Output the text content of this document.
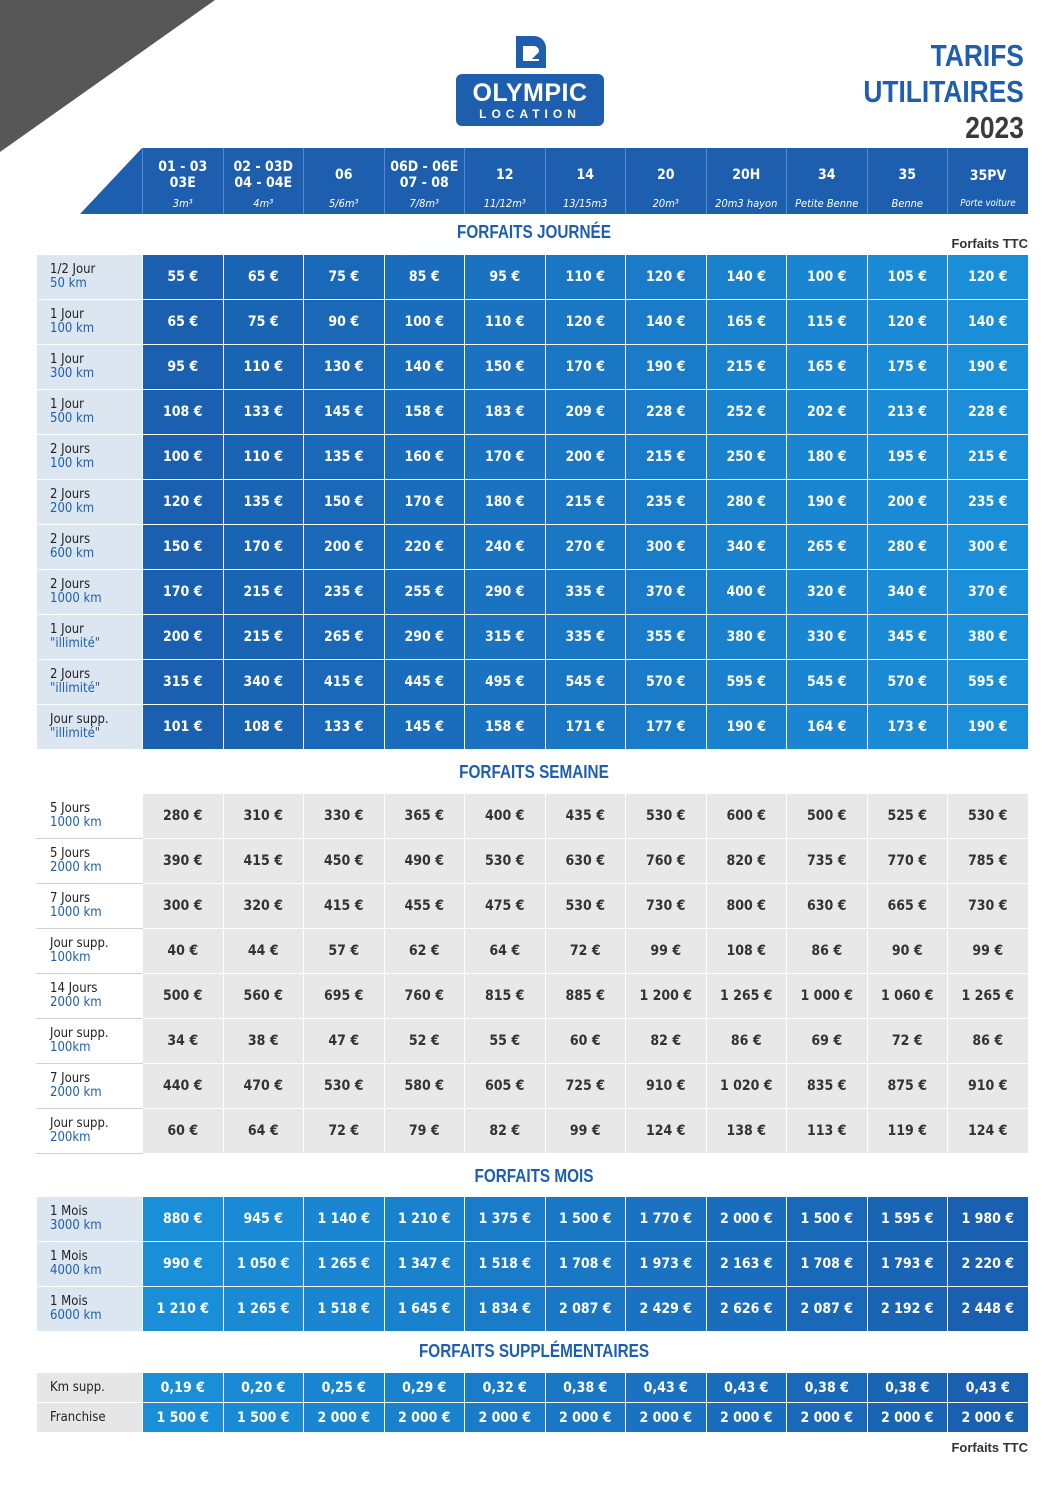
OLYMPIC
LOCATION
TARIFS
UTILITAIRES
2023

01 - 03 03E
3m³

02 - 03D 04 - 04E
4m³

06
5/6m³

06D - 06E 07 - 08
7/8m³

12
11/12m³

14
13/15m3

20
20m³

20H
20m3 hayon

34
Petite Benne

35
Benne

35PV
Porte voiture
FORFAITS JOURNÉE
Forfaits TTC
1/2 Jour
50 km	55 €	65 €	75 €	85 €	95 €	110 €	120 €	140 €	100 €	105 €	120 €

1 Jour
100 km	65 €	75 €	90 €	100 €	110 €	120 €	140 €	165 €	115 €	120 €	140 €

1 Jour
300 km	95 €	110 €	130 €	140 €	150 €	170 €	190 €	215 €	165 €	175 €	190 €

1 Jour
500 km	108 €	133 €	145 €	158 €	183 €	209 €	228 €	252 €	202 €	213 €	228 €

2 Jours
100 km	100 €	110 €	135 €	160 €	170 €	200 €	215 €	250 €	180 €	195 €	215 €

2 Jours
200 km	120 €	135 €	150 €	170 €	180 €	215 €	235 €	280 €	190 €	200 €	235 €

2 Jours
600 km	150 €	170 €	200 €	220 €	240 €	270 €	300 €	340 €	265 €	280 €	300 €

2 Jours
1000 km	170 €	215 €	235 €	255 €	290 €	335 €	370 €	400 €	320 €	340 €	370 €

1 Jour
"illimité"	200 €	215 €	265 €	290 €	315 €	335 €	355 €	380 €	330 €	345 €	380 €

2 Jours
"illimité"	315 €	340 €	415 €	445 €	495 €	545 €	570 €	595 €	545 €	570 €	595 €

Jour supp.
"illimité"	101 €	108 €	133 €	145 €	158 €	171 €	177 €	190 €	164 €	173 €	190 €
FORFAITS SEMAINE
5 Jours
1000 km	280 €	310 €	330 €	365 €	400 €	435 €	530 €	600 €	500 €	525 €	530 €

5 Jours
2000 km	390 €	415 €	450 €	490 €	530 €	630 €	760 €	820 €	735 €	770 €	785 €

7 Jours
1000 km	300 €	320 €	415 €	455 €	475 €	530 €	730 €	800 €	630 €	665 €	730 €

Jour supp.
100km	40 €	44 €	57 €	62 €	64 €	72 €	99 €	108 €	86 €	90 €	99 €

14 Jours
2000 km	500 €	560 €	695 €	760 €	815 €	885 €	1 200 €	1 265 €	1 000 €	1 060 €	1 265 €

Jour supp.
100km	34 €	38 €	47 €	52 €	55 €	60 €	82 €	86 €	69 €	72 €	86 €

7 Jours
2000 km	440 €	470 €	530 €	580 €	605 €	725 €	910 €	1 020 €	835 €	875 €	910 €

Jour supp.
200km	60 €	64 €	72 €	79 €	82 €	99 €	124 €	138 €	113 €	119 €	124 €
FORFAITS MOIS
1 Mois
3000 km	880 €	945 €	1 140 €	1 210 €	1 375 €	1 500 €	1 770 €	2 000 €	1 500 €	1 595 €	1 980 €

1 Mois
4000 km	990 €	1 050 €	1 265 €	1 347 €	1 518 €	1 708 €	1 973 €	2 163 €	1 708 €	1 793 €	2 220 €

1 Mois
6000 km	1 210 €	1 265 €	1 518 €	1 645 €	1 834 €	2 087 €	2 429 €	2 626 €	2 087 €	2 192 €	2 448 €
FORFAITS SUPPLÉMENTAIRES
Km supp.	0,19 €	0,20 €	0,25 €	0,29 €	0,32 €	0,38 €	0,43 €	0,43 €	0,38 €	0,38 €	0,43 €

Franchise	1 500 €	1 500 €	2 000 €	2 000 €	2 000 €	2 000 €	2 000 €	2 000 €	2 000 €	2 000 €	2 000 €
Forfaits TTC
